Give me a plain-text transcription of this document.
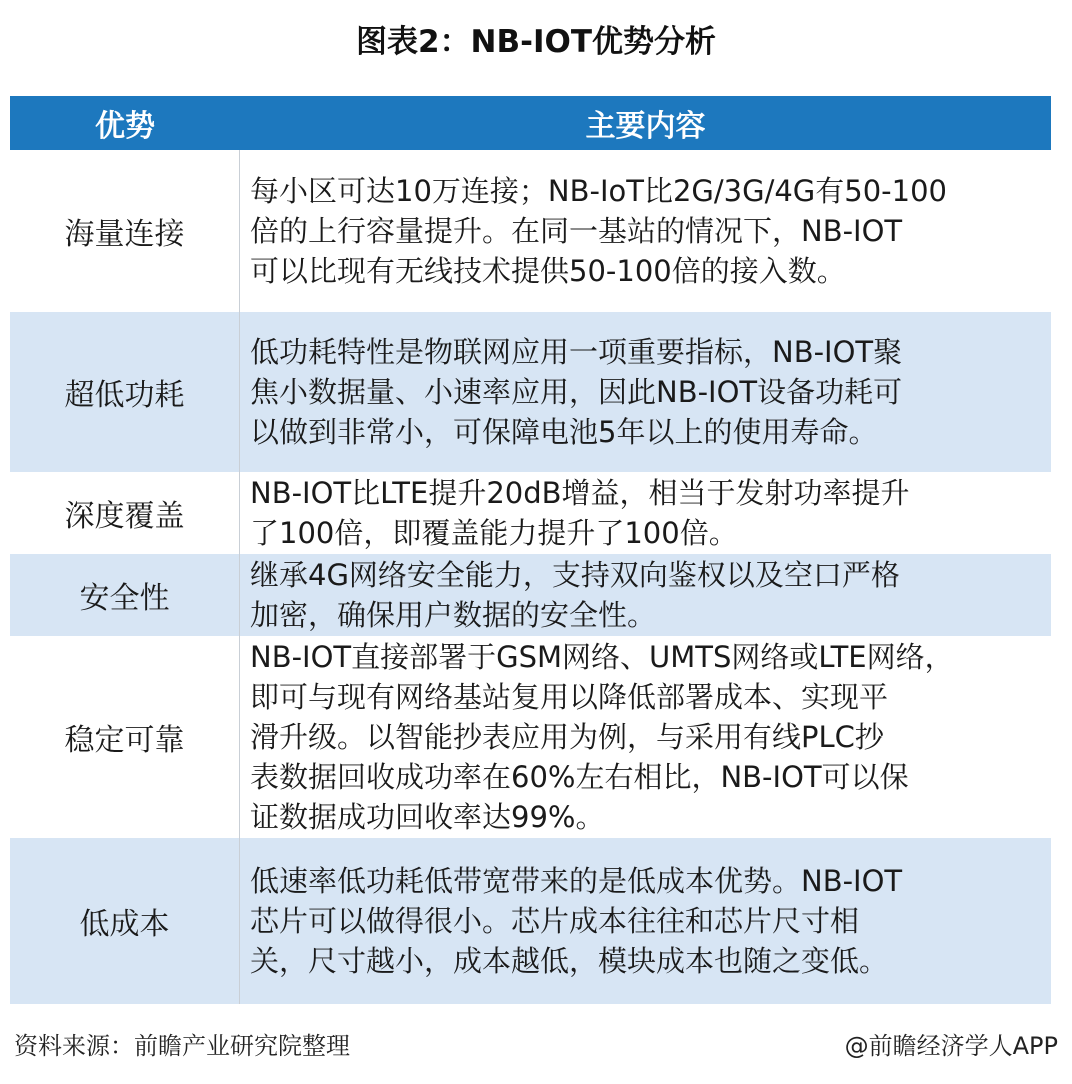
图表2：NB-IOT优势分析
优势	主要内容
海量连接
每小区可达10万连接；NB-IoT比2G/3G/4G有50-100
倍的上行容量提升。在同一基站的情况下，NB-IOT
可以比现有无线技术提供50-100倍的接入数。
超低功耗
低功耗特性是物联网应用一项重要指标，NB-IOT聚
焦小数据量、小速率应用，因此NB-IOT设备功耗可
以做到非常小，可保障电池5年以上的使用寿命。
深度覆盖
NB-IOT比LTE提升20dB增益，相当于发射功率提升
了100倍，即覆盖能力提升了100倍。
安全性
继承4G网络安全能力，支持双向鉴权以及空口严格
加密，确保用户数据的安全性。
稳定可靠
NB-IOT直接部署于GSM网络、UMTS网络或LTE网络，
即可与现有网络基站复用以降低部署成本、实现平
滑升级。以智能抄表应用为例，与采用有线PLC抄
表数据回收成功率在60%左右相比，NB-IOT可以保
证数据成功回收率达99%。
低成本
低速率低功耗低带宽带来的是低成本优势。NB-IOT
芯片可以做得很小。芯片成本往往和芯片尺寸相
关，尺寸越小，成本越低，模块成本也随之变低。
资料来源：前瞻产业研究院整理	@前瞻经济学人APP
